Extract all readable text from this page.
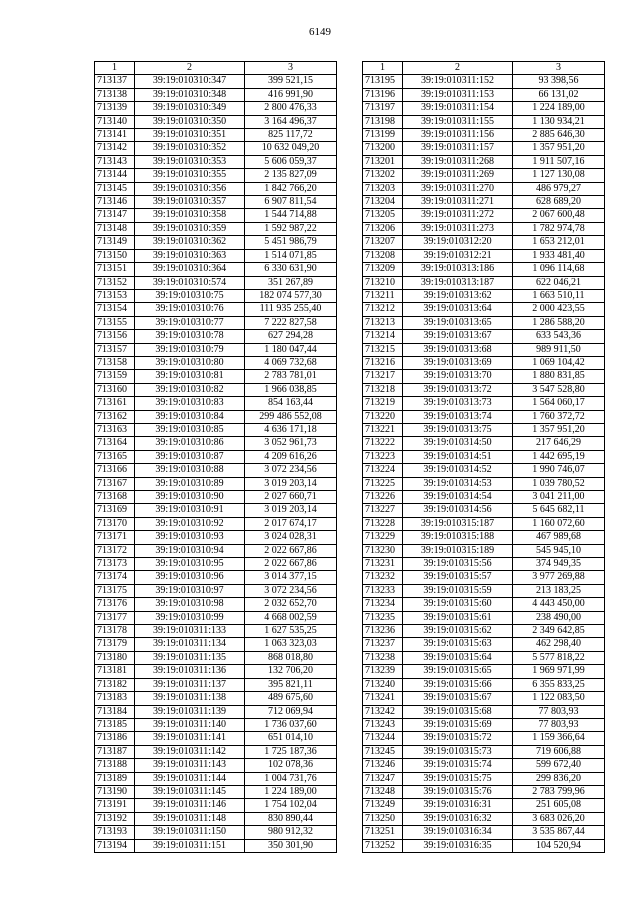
6149
1	2	3
713137	39:19:010310:347	399 521,15
713138	39:19:010310:348	416 991,90
713139	39:19:010310:349	2 800 476,33
713140	39:19:010310:350	3 164 496,37
713141	39:19:010310:351	825 117,72
713142	39:19:010310:352	10 632 049,20
713143	39:19:010310:353	5 606 059,37
713144	39:19:010310:355	2 135 827,09
713145	39:19:010310:356	1 842 766,20
713146	39:19:010310:357	6 907 811,54
713147	39:19:010310:358	1 544 714,88
713148	39:19:010310:359	1 592 987,22
713149	39:19:010310:362	5 451 986,79
713150	39:19:010310:363	1 514 071,85
713151	39:19:010310:364	6 330 631,90
713152	39:19:010310:574	351 267,89
713153	39:19:010310:75	182 074 577,30
713154	39:19:010310:76	111 935 255,40
713155	39:19:010310:77	7 222 827,58
713156	39:19:010310:78	627 294,28
713157	39:19:010310:79	1 180 047,44
713158	39:19:010310:80	4 069 732,68
713159	39:19:010310:81	2 783 781,01
713160	39:19:010310:82	1 966 038,85
713161	39:19:010310:83	854 163,44
713162	39:19:010310:84	299 486 552,08
713163	39:19:010310:85	4 636 171,18
713164	39:19:010310:86	3 052 961,73
713165	39:19:010310:87	4 209 616,26
713166	39:19:010310:88	3 072 234,56
713167	39:19:010310:89	3 019 203,14
713168	39:19:010310:90	2 027 660,71
713169	39:19:010310:91	3 019 203,14
713170	39:19:010310:92	2 017 674,17
713171	39:19:010310:93	3 024 028,31
713172	39:19:010310:94	2 022 667,86
713173	39:19:010310:95	2 022 667,86
713174	39:19:010310:96	3 014 377,15
713175	39:19:010310:97	3 072 234,56
713176	39:19:010310:98	2 032 652,70
713177	39:19:010310:99	4 668 002,59
713178	39:19:010311:133	1 627 535,25
713179	39:19:010311:134	1 063 323,03
713180	39:19:010311:135	868 018,80
713181	39:19:010311:136	132 706,20
713182	39:19:010311:137	395 821,11
713183	39:19:010311:138	489 675,60
713184	39:19:010311:139	712 069,94
713185	39:19:010311:140	1 736 037,60
713186	39:19:010311:141	651 014,10
713187	39:19:010311:142	1 725 187,36
713188	39:19:010311:143	102 078,36
713189	39:19:010311:144	1 004 731,76
713190	39:19:010311:145	1 224 189,00
713191	39:19:010311:146	1 754 102,04
713192	39:19:010311:148	830 890,44
713193	39:19:010311:150	980 912,32
713194	39:19:010311:151	350 301,90
1	2	3
713195	39:19:010311:152	93 398,56
713196	39:19:010311:153	66 131,02
713197	39:19:010311:154	1 224 189,00
713198	39:19:010311:155	1 130 934,21
713199	39:19:010311:156	2 885 646,30
713200	39:19:010311:157	1 357 951,20
713201	39:19:010311:268	1 911 507,16
713202	39:19:010311:269	1 127 130,08
713203	39:19:010311:270	486 979,27
713204	39:19:010311:271	628 689,20
713205	39:19:010311:272	2 067 600,48
713206	39:19:010311:273	1 782 974,78
713207	39:19:010312:20	1 653 212,01
713208	39:19:010312:21	1 933 481,40
713209	39:19:010313:186	1 096 114,68
713210	39:19:010313:187	622 046,21
713211	39:19:010313:62	1 663 510,11
713212	39:19:010313:64	2 000 423,55
713213	39:19:010313:65	1 286 588,20
713214	39:19:010313:67	633 543,36
713215	39:19:010313:68	989 911,50
713216	39:19:010313:69	1 069 104,42
713217	39:19:010313:70	1 880 831,85
713218	39:19:010313:72	3 547 528,80
713219	39:19:010313:73	1 564 060,17
713220	39:19:010313:74	1 760 372,72
713221	39:19:010313:75	1 357 951,20
713222	39:19:010314:50	217 646,29
713223	39:19:010314:51	1 442 695,19
713224	39:19:010314:52	1 990 746,07
713225	39:19:010314:53	1 039 780,52
713226	39:19:010314:54	3 041 211,00
713227	39:19:010314:56	5 645 682,11
713228	39:19:010315:187	1 160 072,60
713229	39:19:010315:188	467 989,68
713230	39:19:010315:189	545 945,10
713231	39:19:010315:56	374 949,35
713232	39:19:010315:57	3 977 269,88
713233	39:19:010315:59	213 183,25
713234	39:19:010315:60	4 443 450,00
713235	39:19:010315:61	238 490,00
713236	39:19:010315:62	2 349 642,85
713237	39:19:010315:63	462 298,40
713238	39:19:010315:64	5 577 818,22
713239	39:19:010315:65	1 969 971,99
713240	39:19:010315:66	6 355 833,25
713241	39:19:010315:67	1 122 083,50
713242	39:19:010315:68	77 803,93
713243	39:19:010315:69	77 803,93
713244	39:19:010315:72	1 159 366,64
713245	39:19:010315:73	719 606,88
713246	39:19:010315:74	599 672,40
713247	39:19:010315:75	299 836,20
713248	39:19:010315:76	2 783 799,96
713249	39:19:010316:31	251 605,08
713250	39:19:010316:32	3 683 026,20
713251	39:19:010316:34	3 535 867,44
713252	39:19:010316:35	104 520,94
